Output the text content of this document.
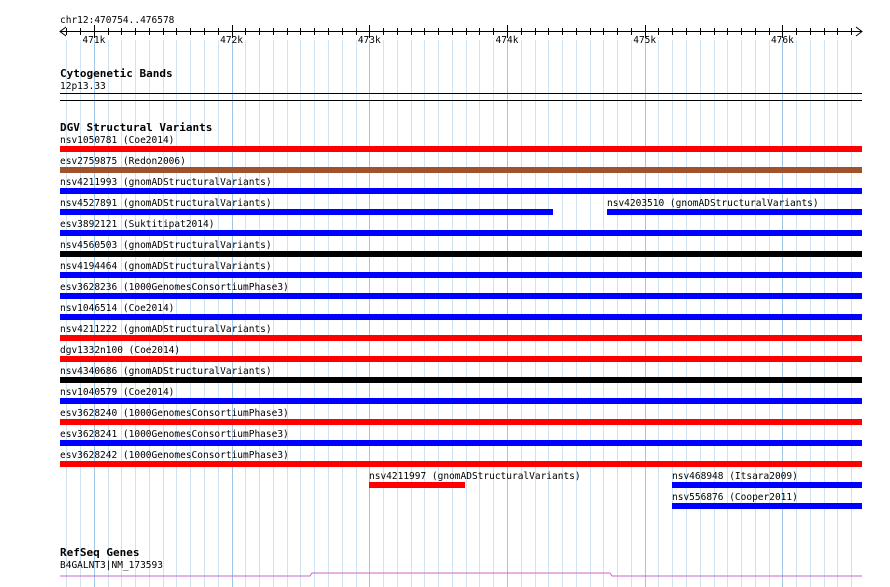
chr12:470754..476578
471k	472k	473k	474k	475k	476k
Cytogenetic Bands
12p13.33
DGV Structural Variants
nsv1050781 (Coe2014)
esv2759875 (Redon2006)
nsv4211993 (gnomADStructuralVariants)
nsv4527891 (gnomADStructuralVariants)	nsv4203510 (gnomADStructuralVariants)
esv3892121 (Suktitipat2014)
nsv4560503 (gnomADStructuralVariants)
nsv4194464 (gnomADStructuralVariants)
esv3628236 (1000GenomesConsortiumPhase3)
nsv1046514 (Coe2014)
nsv4211222 (gnomADStructuralVariants)
dgv1332n100 (Coe2014)
nsv4340686 (gnomADStructuralVariants)
nsv1040579 (Coe2014)
esv3628240 (1000GenomesConsortiumPhase3)
esv3628241 (1000GenomesConsortiumPhase3)
esv3628242 (1000GenomesConsortiumPhase3)
nsv4211997 (gnomADStructuralVariants)	nsv468948 (Itsara2009)
nsv556876 (Cooper2011)
RefSeq Genes
B4GALNT3|NM_173593
